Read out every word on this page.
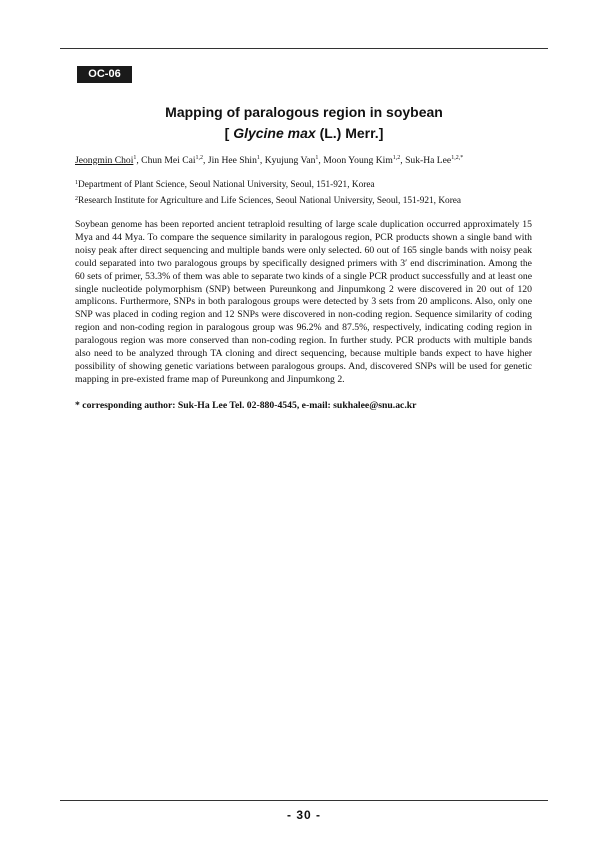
OC-06
Mapping of paralogous region in soybean
[ Glycine max (L.) Merr.]
Jeongmin Choi$^1$, Chun Mei Cai$^{1,2}$, Jin Hee Shin$^1$, Kyujung Van$^1$, Moon Young Kim$^{1,2}$, Suk-Ha Lee$^{1,2,*}$
$^1$Department of Plant Science, Seoul National University, Seoul, 151-921, Korea
$^2$Research Institute for Agriculture and Life Sciences, Seoul National University, Seoul, 151-921, Korea

Soybean genome has been reported ancient tetraploid resulting of large scale duplication occurred approximately 15 Mya and 44 Mya. To compare the sequence similarity in paralogous region, PCR products shown a single band with noisy peak after direct sequencing and multiple bands were only selected. 60 out of 165 single bands with noisy peak could separated into two paralogous groups by specifically designed primers with 3′ end discrimination. Among the 60 sets of primer, 53.3% of them was able to separate two kinds of a single PCR product successfully and at least one single nucleotide polymorphism (SNP) between Pureunkong and Jinpumkong 2 were discovered in 20 out of 120 amplicons. Furthermore, SNPs in both paralogous groups were detected by 3 sets from 20 amplicons. Also, only one SNP was placed in coding region and 12 SNPs were discovered in non-coding region. Sequence similarity of coding region and non-coding region in paralogous group was 96.2% and 87.5%, respectively, indicating coding region in paralogous region was more conserved than non-coding region. In further study. PCR products with multiple bands also need to be analyzed through TA cloning and direct sequencing, because multiple bands expect to have higher possibility of showing genetic variations between paralogous groups. And, discovered SNPs will be used for genetic mapping in pre-existed frame map of Pureunkong and Jinpumkong 2.

* corresponding author: Suk-Ha Lee Tel. 02-880-4545, e-mail: sukhalee@snu.ac.kr
- 30 -
